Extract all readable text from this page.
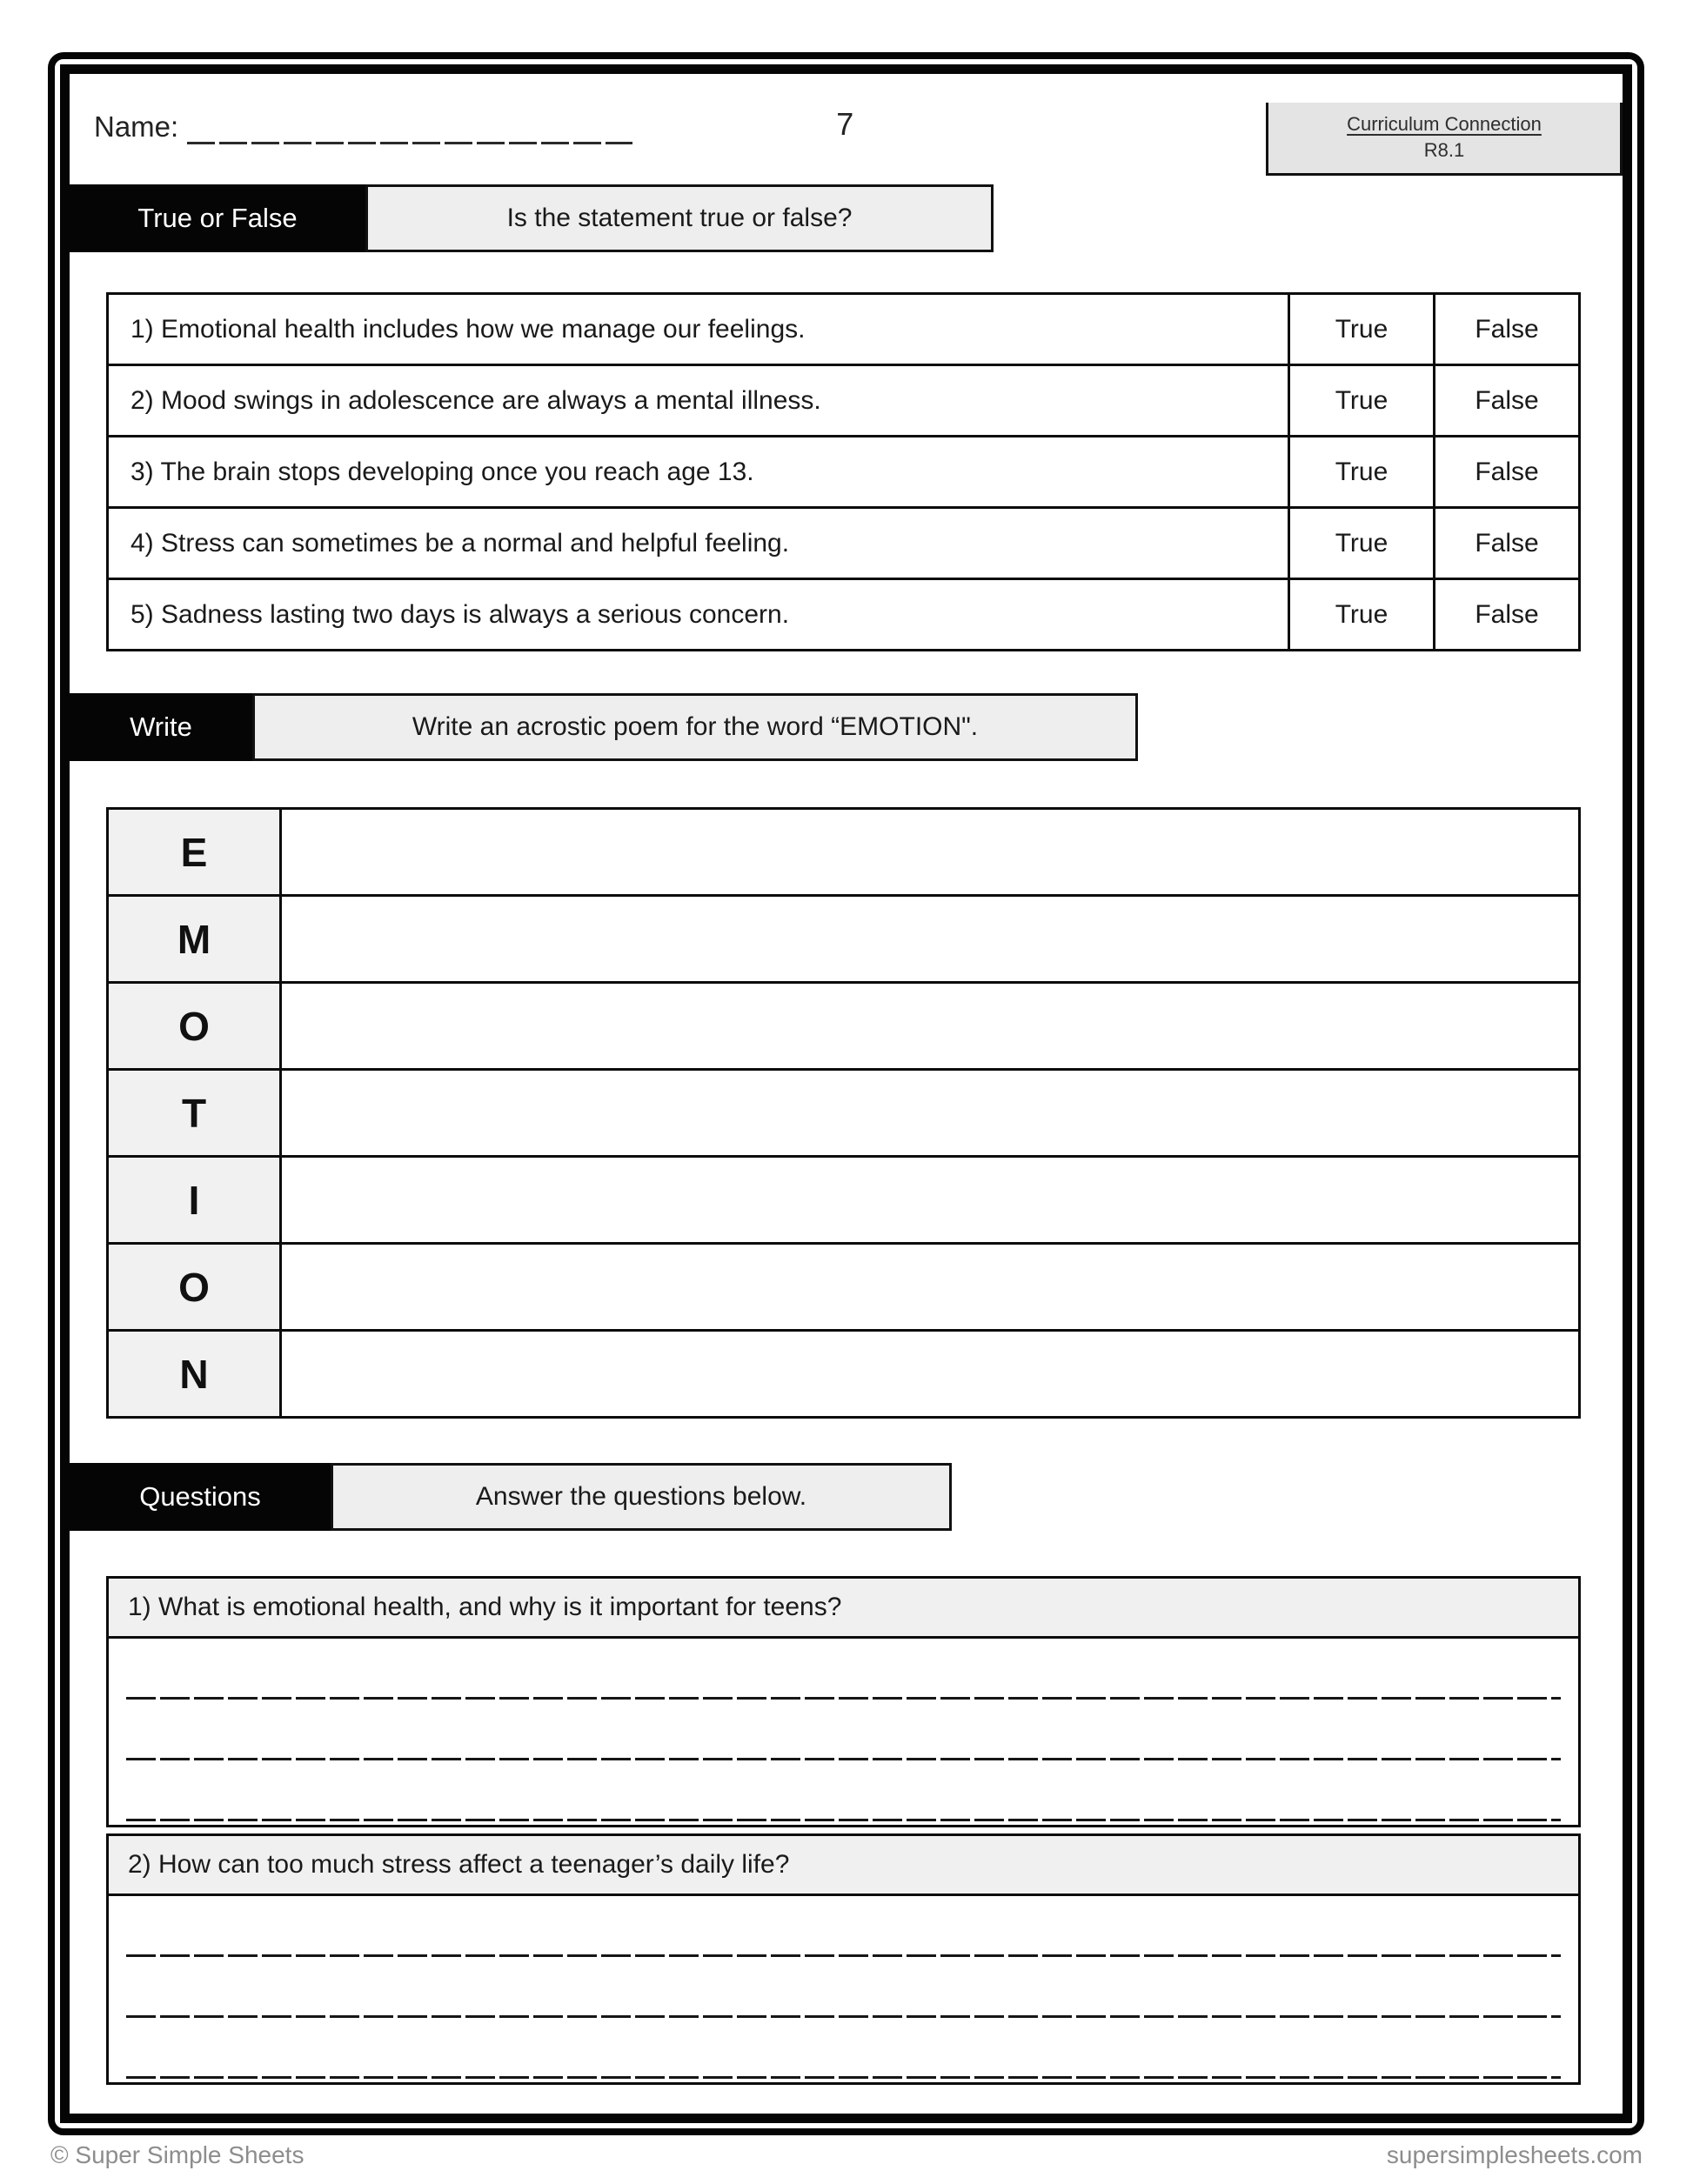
Curriculum Connection
R8.1
Name:	7
True or False	Is the statement true or false?
1) Emotional health includes how we manage our feelings.	True	False
2) Mood swings in adolescence are always a mental illness.	True	False
3) The brain stops developing once you reach age 13.	True	False
4) Stress can sometimes be a normal and helpful feeling.	True	False
5) Sadness lasting two days is always a serious concern.	True	False
Write	Write an acrostic poem for the word “EMOTION".
E	
M	
O	
T	
I	
O	
N	
Questions	Answer the questions below.
1) What is emotional health, and why is it important for teens?
2) How can too much stress affect a teenager’s daily life?
© Super Simple Sheets	supersimplesheets.com
